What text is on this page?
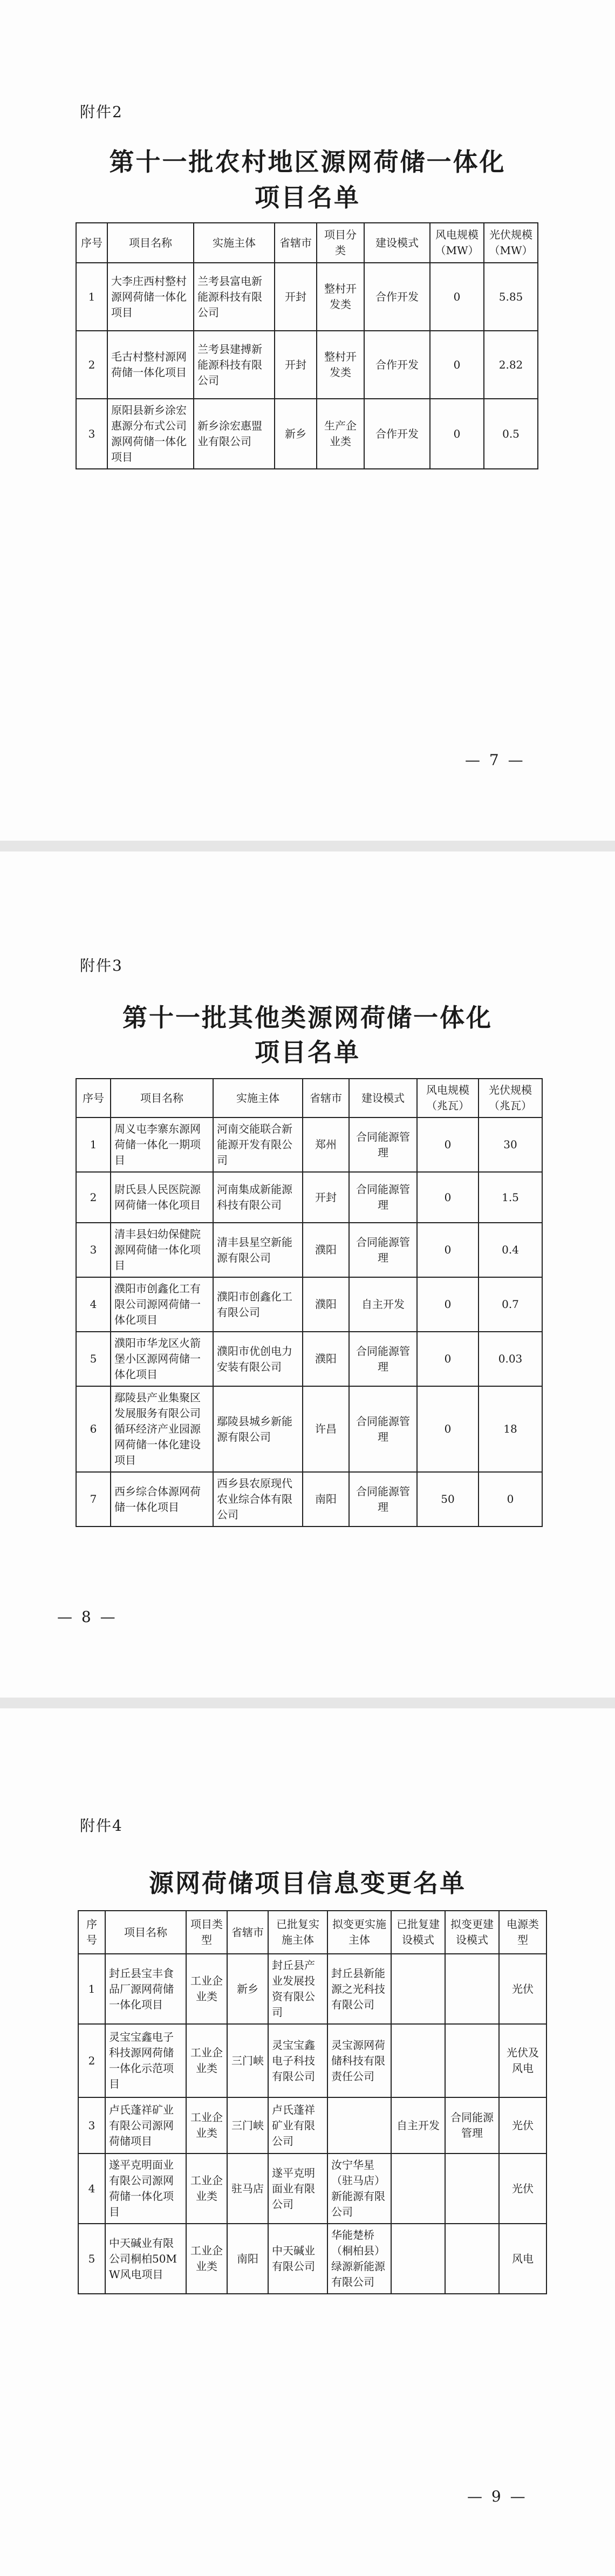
附件2
第十一批农村地区源网荷储一体化
项目名单
序号	项目名称	实施主体	省辖市	项目分类	建设模式	风电规模（MW）	光伏规模（MW）
1	大李庄西村整村源网荷储一体化项目	兰考县富电新能源科技有限公司	开封	整村开发类	合作开发	0	5.85
2	毛古村整村源网荷储一体化项目	兰考县建搏新能源科技有限公司	开封	整村开发类	合作开发	0	2.82
3	原阳县新乡涂宏惠源分布式公司源网荷储一体化项目	新乡涂宏惠盟业有限公司	新乡	生产企业类	合作开发	0	0.5
— 7 —
附件3
第十一批其他类源网荷储一体化
项目名单
序号	项目名称	实施主体	省辖市	建设模式	风电规模（兆瓦）	光伏规模（兆瓦）
1	周义屯李寨东源网荷储一体化一期项目	河南交能联合新能源开发有限公司	郑州	合同能源管理	0	30
2	尉氏县人民医院源网荷储一体化项目	河南集成新能源科技有限公司	开封	合同能源管理	0	1.5
3	清丰县妇幼保健院源网荷储一体化项目	清丰县星空新能源有限公司	濮阳	合同能源管理	0	0.4
4	濮阳市创鑫化工有限公司源网荷储一体化项目	濮阳市创鑫化工有限公司	濮阳	自主开发	0	0.7
5	濮阳市华龙区火箭堡小区源网荷储一体化项目	濮阳市优创电力安装有限公司	濮阳	合同能源管理	0	0.03
6	鄢陵县产业集聚区发展服务有限公司循环经济产业园源网荷储一体化建设项目	鄢陵县城乡新能源有限公司	许昌	合同能源管理	0	18
7	西乡综合体源网荷储一体化项目	西乡县农原现代农业综合体有限公司	南阳	合同能源管理	50	0
— 8 —
附件4
源网荷储项目信息变更名单
序号	项目名称	项目类型	省辖市	已批复实施主体	拟变更实施主体	已批复建设模式	拟变更建设模式	电源类型
1	封丘县宝丰食品厂源网荷储一体化项目	工业企业类	新乡	封丘县产业发展投资有限公司	封丘县新能源之光科技有限公司			光伏
2	灵宝宝鑫电子科技源网荷储一体化示范项目	工业企业类	三门峡	灵宝宝鑫电子科技有限公司	灵宝源网荷储科技有限责任公司			光伏及风电
3	卢氏蓬祥矿业有限公司源网荷储项目	工业企业类	三门峡	卢氏蓬祥矿业有限公司		自主开发	合同能源管理	光伏
4	遂平克明面业有限公司源网荷储一体化项目	工业企业类	驻马店	遂平克明面业有限公司	汝宁华星（驻马店）新能源有限公司			光伏
5	中天碱业有限公司桐柏50MW风电项目	工业企业类	南阳	中天碱业有限公司	华能楚桥（桐柏县）绿源新能源有限公司			风电
— 9 —
